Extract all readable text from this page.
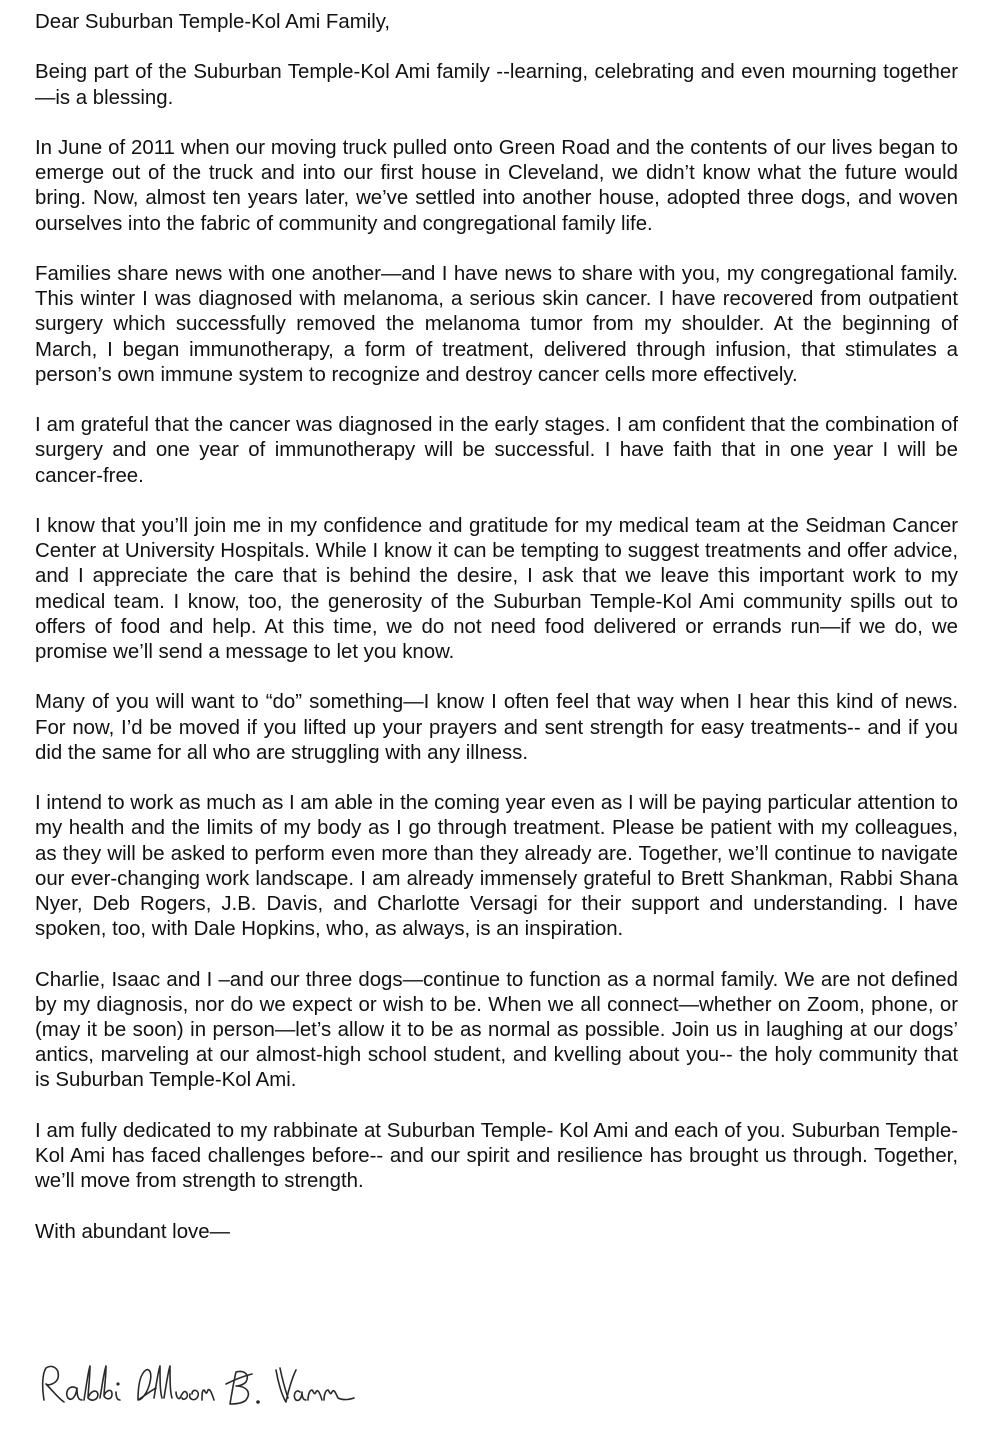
Dear Suburban Temple-Kol Ami Family,

Being part of the Suburban Temple-Kol Ami family --learning, celebrating and even mourning together—is a blessing.

In June of 2011 when our moving truck pulled onto Green Road and the contents of our lives began to emerge out of the truck and into our first house in Cleveland, we didn’t know what the future would bring. Now, almost ten years later, we’ve settled into another house, adopted three dogs, and woven ourselves into the fabric of community and congregational family life.

Families share news with one another—and I have news to share with you, my congregational family. This winter I was diagnosed with melanoma, a serious skin cancer. I have recovered from outpatient surgery which successfully removed the melanoma tumor from my shoulder. At the beginning of March, I began immunotherapy, a form of treatment, delivered through infusion, that stimulates a person’s own immune system to recognize and destroy cancer cells more effectively.

I am grateful that the cancer was diagnosed in the early stages. I am confident that the combination of surgery and one year of immunotherapy will be successful. I have faith that in one year I will be cancer-free.

I know that you’ll join me in my confidence and gratitude for my medical team at the Seidman Cancer Center at University Hospitals. While I know it can be tempting to suggest treatments and offer advice, and I appreciate the care that is behind the desire, I ask that we leave this important work to my medical team. I know, too, the generosity of the Suburban Temple-Kol Ami community spills out to offers of food and help. At this time, we do not need food delivered or errands run—if we do, we promise we’ll send a message to let you know.

Many of you will want to “do” something—I know I often feel that way when I hear this kind of news. For now, I’d be moved if you lifted up your prayers and sent strength for easy treatments-- and if you did the same for all who are struggling with any illness.

I intend to work as much as I am able in the coming year even as I will be paying particular attention to my health and the limits of my body as I go through treatment. Please be patient with my colleagues, as they will be asked to perform even more than they already are. Together, we’ll continue to navigate our ever-changing work landscape. I am already immensely grateful to Brett Shankman, Rabbi Shana Nyer, Deb Rogers, J.B. Davis, and Charlotte Versagi for their support and understanding. I have spoken, too, with Dale Hopkins, who, as always, is an inspiration.

Charlie, Isaac and I –and our three dogs—continue to function as a normal family. We are not defined by my diagnosis, nor do we expect or wish to be. When we all connect—whether on Zoom, phone, or (may it be soon) in person—let’s allow it to be as normal as possible. Join us in laughing at our dogs’ antics, marveling at our almost-high school student, and kvelling about you-- the holy community that is Suburban Temple-Kol Ami.

I am fully dedicated to my rabbinate at Suburban Temple- Kol Ami and each of you. Suburban Temple-Kol Ami has faced challenges before-- and our spirit and resilience has brought us through. Together, we’ll move from strength to strength.

With abundant love—
